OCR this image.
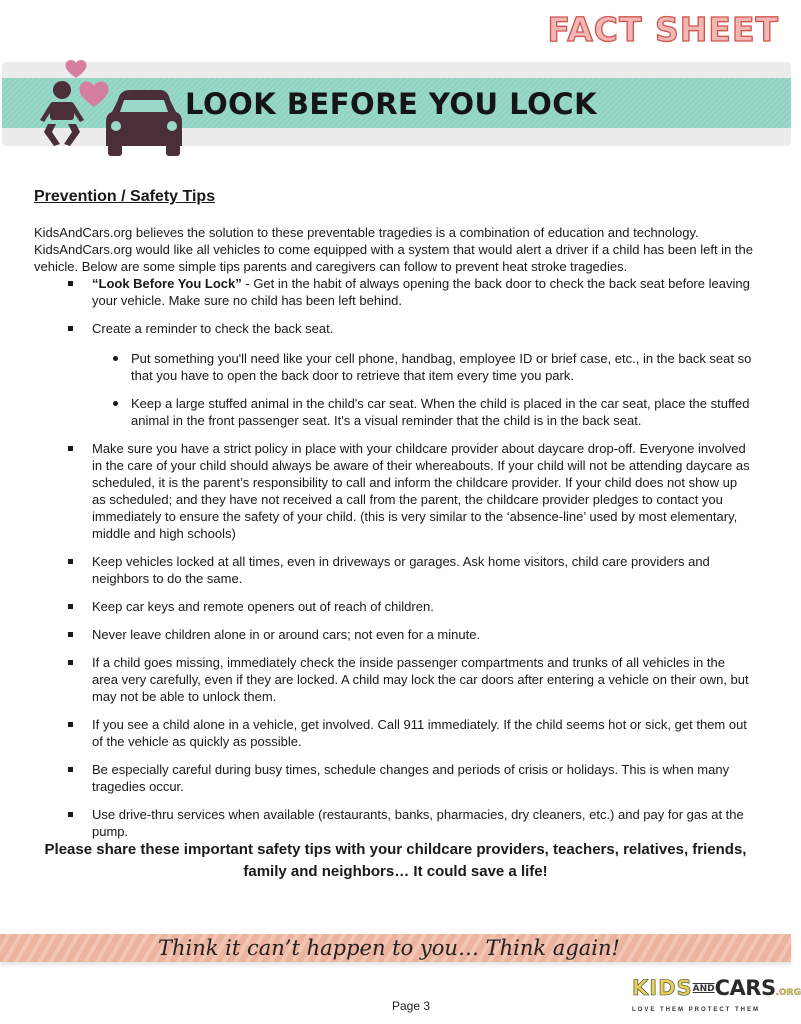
FACT SHEET
LOOK BEFORE YOU LOCK
Prevention / Safety Tips

KidsAndCars.org believes the solution to these preventable tragedies is a combination of education and technology. KidsAndCars.org would like all vehicles to come equipped with a system that would alert a driver if a child has been left in the vehicle. Below are some simple tips parents and caregivers can follow to prevent heat stroke tragedies.

“Look Before You Lock” - Get in the habit of always opening the back door to check the back seat before leaving your vehicle. Make sure no child has been left behind.
Create a reminder to check the back seat.
Put something you'll need like your cell phone, handbag, employee ID or brief case, etc., in the back seat so that you have to open the back door to retrieve that item every time you park.
Keep a large stuffed animal in the child's car seat. When the child is placed in the car seat, place the stuffed animal in the front passenger seat. It's a visual reminder that the child is in the back seat.
Make sure you have a strict policy in place with your childcare provider about daycare drop-off. Everyone involved in the care of your child should always be aware of their whereabouts. If your child will not be attending daycare as scheduled, it is the parent’s responsibility to call and inform the childcare provider. If your child does not show up as scheduled; and they have not received a call from the parent, the childcare provider pledges to contact you immediately to ensure the safety of your child. (this is very similar to the ‘absence-line’ used by most elementary, middle and high schools)
Keep vehicles locked at all times, even in driveways or garages. Ask home visitors, child care providers and neighbors to do the same.
Keep car keys and remote openers out of reach of children.
Never leave children alone in or around cars; not even for a minute.
If a child goes missing, immediately check the inside passenger compartments and trunks of all vehicles in the area very carefully, even if they are locked. A child may lock the car doors after entering a vehicle on their own, but may not be able to unlock them.
If you see a child alone in a vehicle, get involved. Call 911 immediately. If the child seems hot or sick, get them out of the vehicle as quickly as possible.
Be especially careful during busy times, schedule changes and periods of crisis or holidays. This is when many tragedies occur.
Use drive-thru services when available (restaurants, banks, pharmacies, dry cleaners, etc.) and pay for gas at the pump.
Please share these important safety tips with your childcare providers, teachers, relatives, friends, family and neighbors… It could save a life!
Think it can’t happen to you… Think again!
Page 3
KIDSANDCARS.ORG
LOVE THEM PROTECT THEM
